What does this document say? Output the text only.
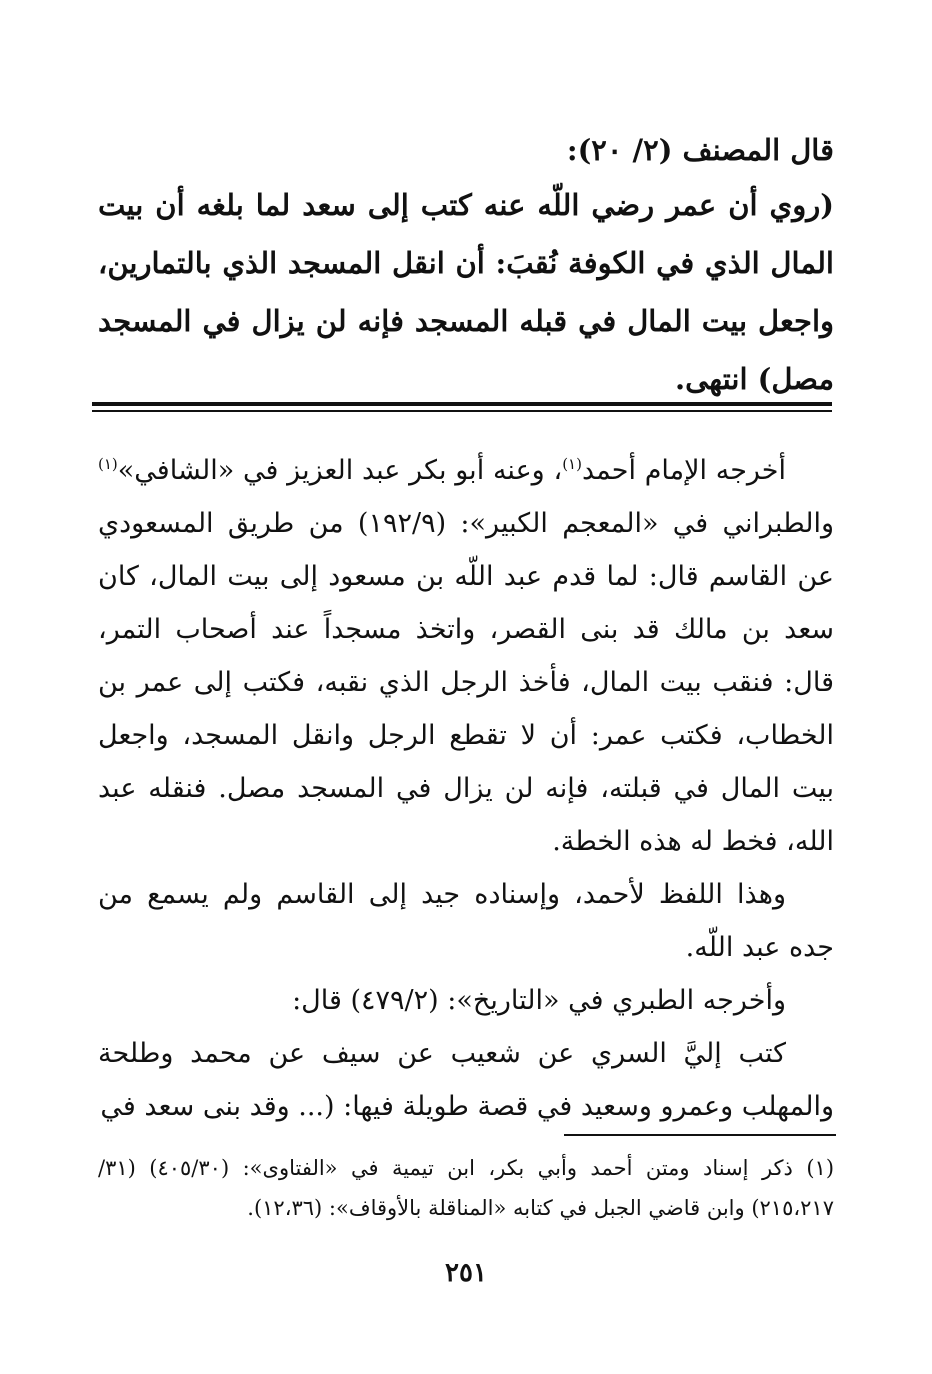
قال المصنف (٢/ ٢٠):
(روي أن عمر رضي اللّه عنه كتب إلى سعد لما بلغه أن بيت المال الذي في الكوفة نُقبَ: أن انقل المسجد الذي بالتمارين، واجعل بيت المال في قبله المسجد فإنه لن يزال في المسجد مصل) انتهى.

أخرجه الإمام أحمد$^{(١)}$، وعنه أبو بكر عبد العزيز في «الشافي»$^{(١)}$ والطبراني في «المعجم الكبير»: (١٩٢/٩) من طريق المسعودي عن القاسم قال: لما قدم عبد اللّه بن مسعود إلى بيت المال، كان سعد بن مالك قد بنى القصر، واتخذ مسجداً عند أصحاب التمر، قال: فنقب بيت المال، فأخذ الرجل الذي نقبه، فكتب إلى عمر بن الخطاب، فكتب عمر: أن لا تقطع الرجل وانقل المسجد، واجعل بيت المال في قبلته، فإنه لن يزال في المسجد مصل. فنقله عبد الله، فخط له هذه الخطة.

وهذا اللفظ لأحمد، وإسناده جيد إلى القاسم ولم يسمع من جده عبد اللّه.

وأخرجه الطبري في «التاريخ»: (٤٧٩/٢) قال:

كتب إليَّ السري عن شعيب عن سيف عن محمد وطلحة والمهلب وعمرو وسعيد في قصة طويلة فيها: (... وقد بنى سعد في

(١) ذكر إسناد ومتن أحمد وأبي بكر، ابن تيمية في «الفتاوى»: (٤٠٥/٣٠) (٣١/ ٢١٥،٢١٧) وابن قاضي الجبل في كتابه «المناقلة بالأوقاف»: (١٢،٣٦).
٢٥١
